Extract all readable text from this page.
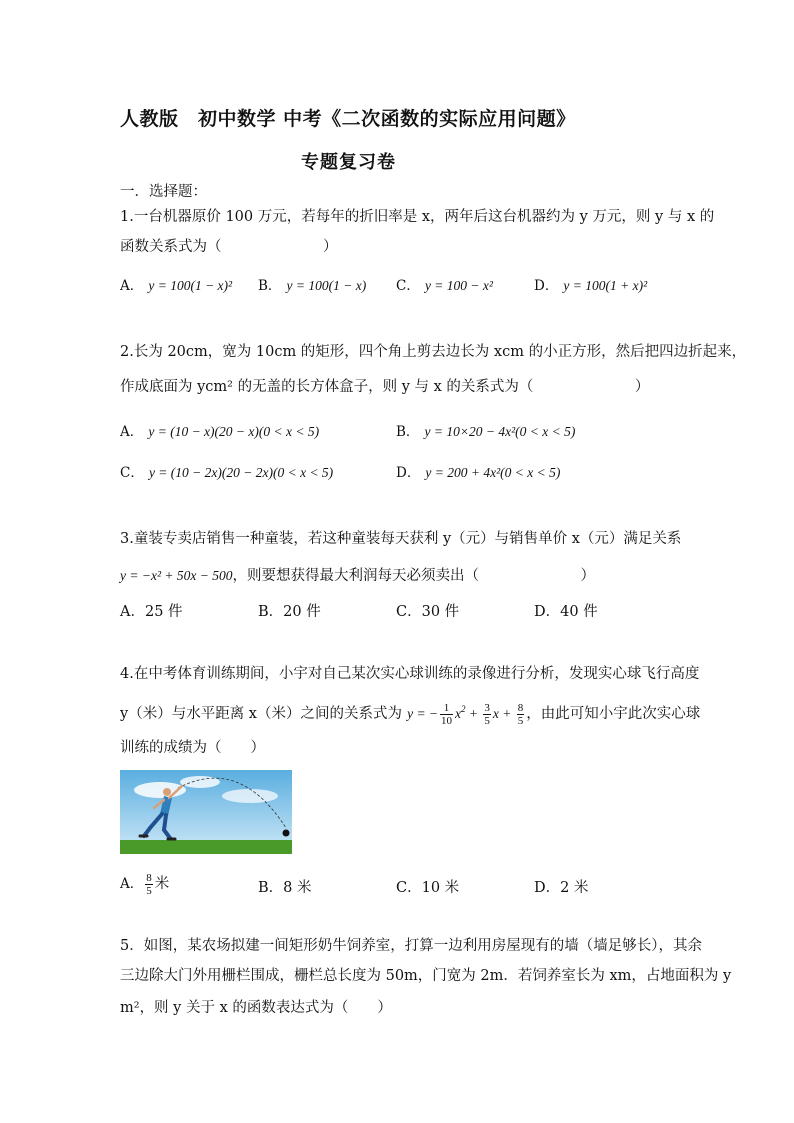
人教版　初中数学 中考《二次函数的实际应用问题》
专题复习卷
一．选择题：
1.一台机器原价 100 万元，若每年的折旧率是 x，两年后这台机器约为 y 万元，则 y 与 x 的
函数关系式为（　　　　　　　）
A． y = 100(1 − x)² B． y = 100(1 − x) C． y = 100 − x²	D． y = 100(1 + x)²
2.长为 20cm，宽为 10cm 的矩形，四个角上剪去边长为 xcm 的小正方形，然后把四边折起来，
作成底面为 ycm² 的无盖的长方体盒子，则 y 与 x 的关系式为（　　　　　　　）
A． y = (10 − x)(20 − x)(0 < x < 5)	B． y = 10×20 − 4x²(0 < x < 5)
C． y = (10 − 2x)(20 − 2x)(0 < x < 5)	D． y = 200 + 4x²(0 < x < 5)
3.童装专卖店销售一种童装，若这种童装每天获利 y（元）与销售单价 x（元）满足关系
y = −x² + 50x − 500，则要想获得最大利润每天必须卖出（　　　　　　　）
A．25 件	B．20 件	C．30 件	D．40 件
4.在中考体育训练期间，小宇对自己某次实心球训练的录像进行分析，发现实心球飞行高度
y（米）与水平距离 x（米）之间的关系式为 y = − $\frac{1}{10} x^2 + \frac{3}{5}$ $x + \frac{8}{5}$ ，由此可知小宇此次实心球
训练的成绩为（　　）
A． $\frac{8}{5}$ 米	B．8 米	C．10 米	D．2 米
5．如图，某农场拟建一间矩形奶牛饲养室，打算一边利用房屋现有的墙（墙足够长），其余
三边除大门外用栅栏围成，栅栏总长度为 50m，门宽为 2m．若饲养室长为 xm，占地面积为 y
m²，则 y 关于 x 的函数表达式为（　　）
